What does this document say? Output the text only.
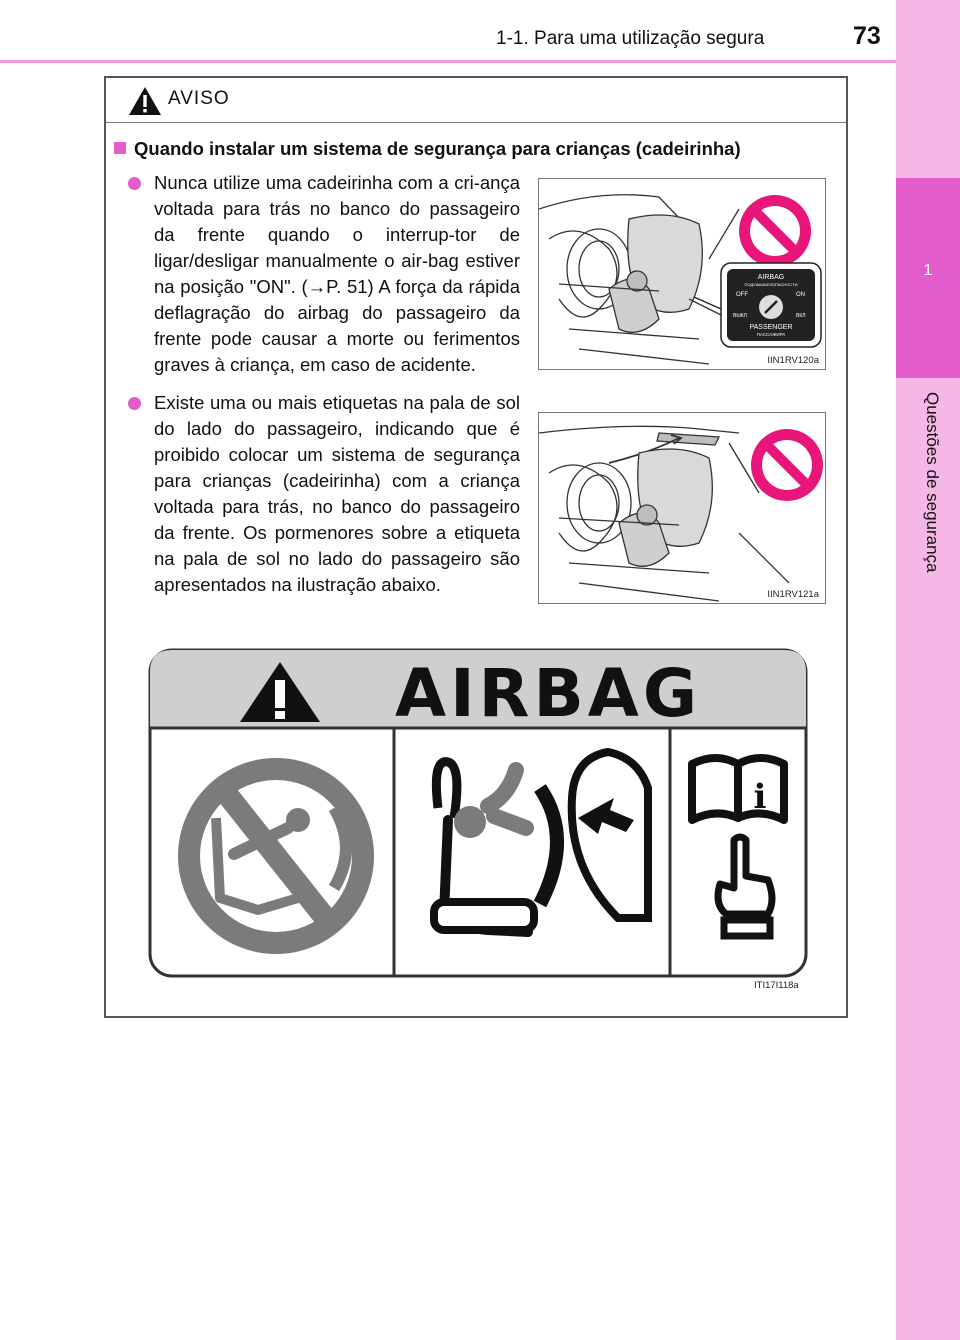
1-1. Para uma utilização segura	73
1
Questões de segurança
AVISO
Quando instalar um sistema de segurança para crianças (cadeirinha)

Nunca utilize uma cadeirinha com a cri-ança voltada para trás no banco do passageiro da frente quando o interrup-tor de ligar/desligar manualmente o air-bag estiver na posição "ON". (→P. 51) A força da rápida deflagração do airbag do passageiro da frente pode causar a morte ou ferimentos graves à criança, em caso de acidente.

Existe uma ou mais etiquetas na pala de sol do lado do passageiro, indicando que é proibido colocar um sistema de segurança para crianças (cadeirinha) com a criança voltada para trás, no banco do passageiro da frente. Os pormenores sobre a etiqueta na pala de sol no lado do passageiro são apresentados na ilustração abaixo.

AIRBAG
ПОДУШКАБЕЗОПАСНОСТИ
OFF	ON
ВЫКЛ	ВКЛ
PASSENGER
ПАССАЖИРА
IIN1RV120a
IIN1RV121a
AIRBAG
i
ITI17I118a
